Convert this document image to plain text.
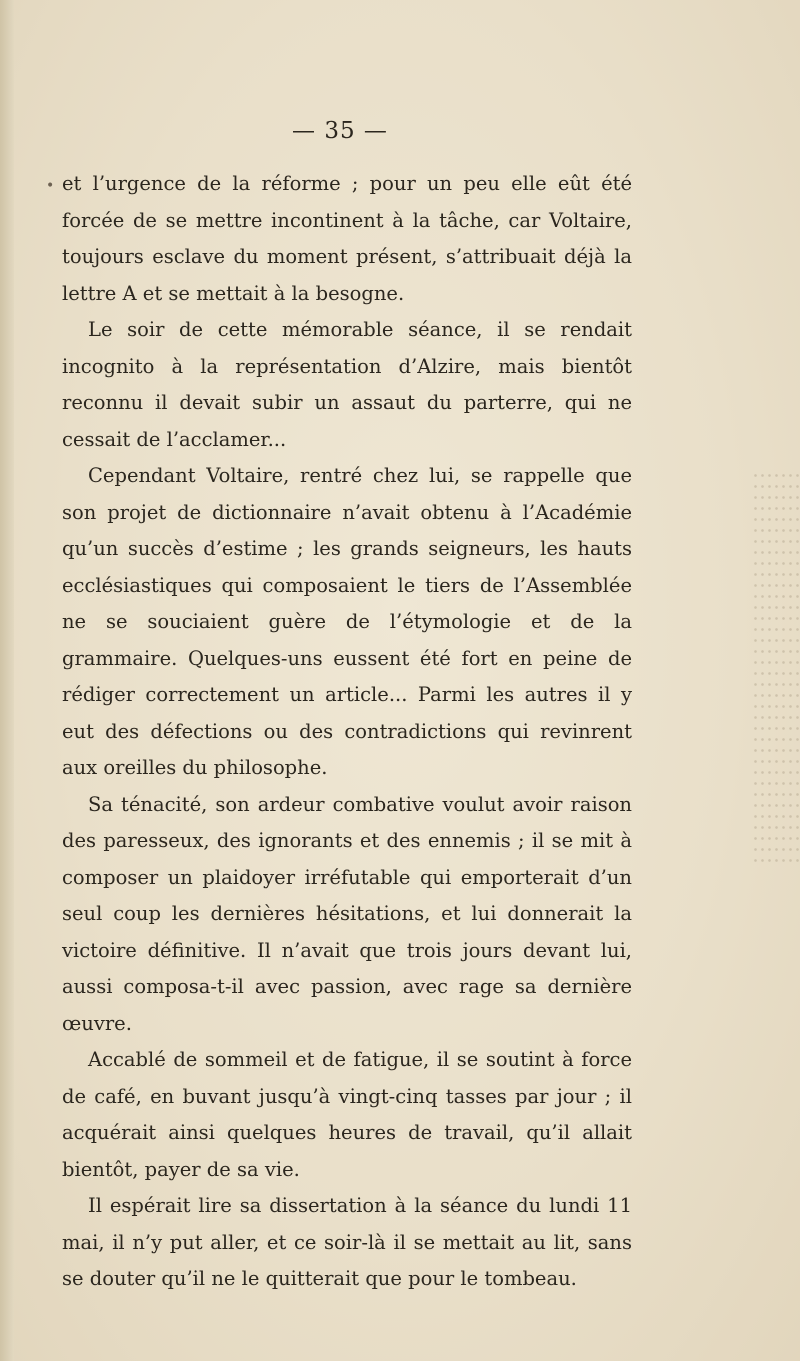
— 35 —
• et l’urgence de la réforme ; pour un peu elle eût été forcée de se mettre incontinent à la tâche, car Voltaire, toujours esclave du moment présent, s’attribuait déjà la lettre A et se mettait à la besogne.

Le soir de cette mémorable séance, il se rendait incognito à la représentation d’Alzire, mais bientôt reconnu il devait subir un assaut du parterre, qui ne cessait de l’acclamer...

Cependant Voltaire, rentré chez lui, se rappelle que son projet de dictionnaire n’avait obtenu à l’Académie qu’un succès d’estime ; les grands seigneurs, les hauts ecclésiastiques qui composaient le tiers de l’Assemblée ne se souciaient guère de l’étymologie et de la grammaire. Quelques-uns eussent été fort en peine de rédiger correctement un article... Parmi les autres il y eut des défections ou des contradictions qui revinrent aux oreilles du philosophe.

Sa ténacité, son ardeur combative voulut avoir raison des paresseux, des ignorants et des ennemis ; il se mit à composer un plaidoyer irréfutable qui emporterait d’un seul coup les dernières hésitations, et lui donnerait la victoire définitive. Il n’avait que trois jours devant lui, aussi composa-t-il avec passion, avec rage sa dernière œuvre.

Accablé de sommeil et de fatigue, il se soutint à force de café, en buvant jusqu’à vingt-cinq tasses par jour ; il acquérait ainsi quelques heures de travail, qu’il allait bientôt, payer de sa vie.

Il espérait lire sa dissertation à la séance du lundi 11 mai, il n’y put aller, et ce soir-là il se mettait au lit, sans se douter qu’il ne le quitterait que pour le tombeau.
